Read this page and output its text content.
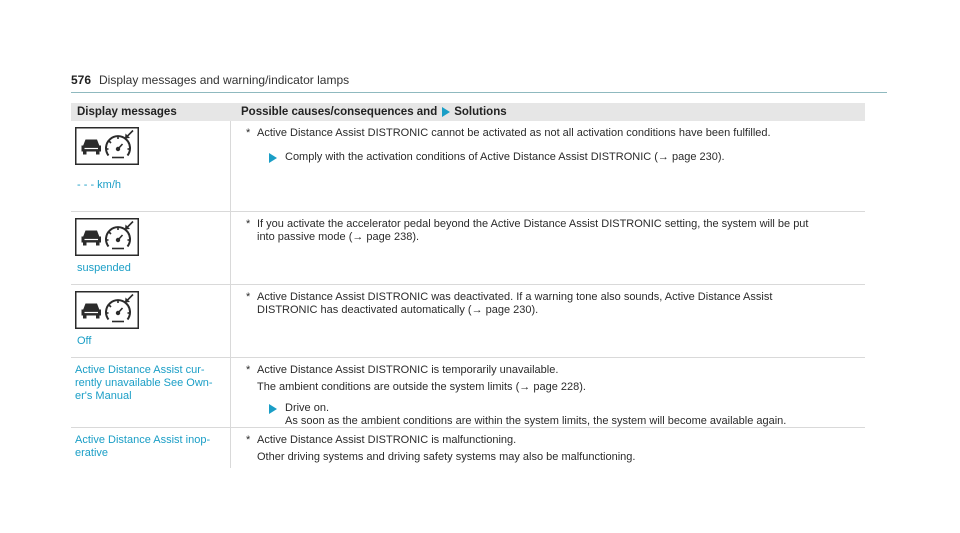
576 Display messages and warning/indicator lamps
Display messages	Possible causes/consequences and Solutions
- - - km/h
* Active Distance Assist DISTRONIC cannot be activated as not all activation conditions have been fulfilled.
Comply with the activation conditions of Active Distance Assist DISTRONIC (→ page 230).
suspended
* If you activate the accelerator pedal beyond the Active Distance Assist DISTRONIC setting, the system will be put
into passive mode (→ page 238).
Off
* Active Distance Assist DISTRONIC was deactivated. If a warning tone also sounds, Active Distance Assist
DISTRONIC has deactivated automatically (→ page 230).
Active Distance Assist cur-
rently unavailable See Own-
er's Manual
* Active Distance Assist DISTRONIC is temporarily unavailable.
The ambient conditions are outside the system limits (→ page 228).
Drive on.
As soon as the ambient conditions are within the system limits, the system will become available again.
Active Distance Assist inop-
erative
* Active Distance Assist DISTRONIC is malfunctioning.
Other driving systems and driving safety systems may also be malfunctioning.
